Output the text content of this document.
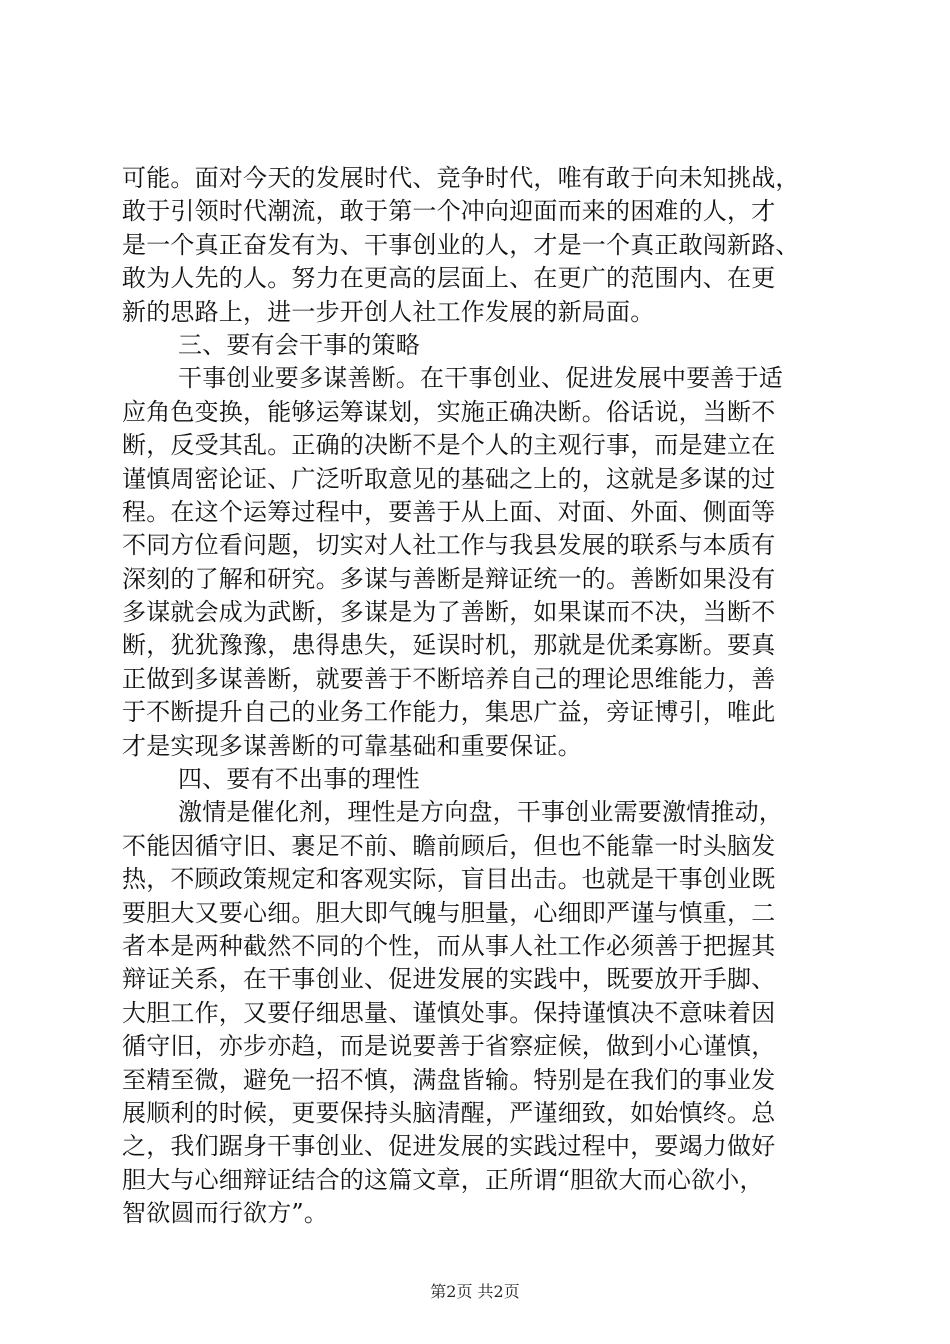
可能。面对今天的发展时代、竞争时代，唯有敢于向未知挑战，
敢于引领时代潮流，敢于第一个冲向迎面而来的困难的人，才
是一个真正奋发有为、干事创业的人，才是一个真正敢闯新路、
敢为人先的人。努力在更高的层面上、在更广的范围内、在更
新的思路上，进一步开创人社工作发展的新局面。
三、要有会干事的策略
干事创业要多谋善断。在干事创业、促进发展中要善于适
应角色变换，能够运筹谋划，实施正确决断。俗话说，当断不
断，反受其乱。正确的决断不是个人的主观行事，而是建立在
谨慎周密论证、广泛听取意见的基础之上的，这就是多谋的过
程。在这个运筹过程中，要善于从上面、对面、外面、侧面等
不同方位看问题，切实对人社工作与我县发展的联系与本质有
深刻的了解和研究。多谋与善断是辩证统一的。善断如果没有
多谋就会成为武断，多谋是为了善断，如果谋而不决，当断不
断，犹犹豫豫，患得患失，延误时机，那就是优柔寡断。要真
正做到多谋善断，就要善于不断培养自己的理论思维能力，善
于不断提升自己的业务工作能力，集思广益，旁证博引，唯此
才是实现多谋善断的可靠基础和重要保证。
四、要有不出事的理性
激情是催化剂，理性是方向盘，干事创业需要激情推动，
不能因循守旧、裹足不前、瞻前顾后，但也不能靠一时头脑发
热，不顾政策规定和客观实际，盲目出击。也就是干事创业既
要胆大又要心细。胆大即气魄与胆量，心细即严谨与慎重，二
者本是两种截然不同的个性，而从事人社工作必须善于把握其
辩证关系，在干事创业、促进发展的实践中，既要放开手脚、
大胆工作，又要仔细思量、谨慎处事。保持谨慎决不意味着因
循守旧，亦步亦趋，而是说要善于省察症候，做到小心谨慎，
至精至微，避免一招不慎，满盘皆输。特别是在我们的事业发
展顺利的时候，更要保持头脑清醒，严谨细致，如始慎终。总
之，我们踞身干事创业、促进发展的实践过程中，要竭力做好
胆大与心细辩证结合的这篇文章，正所谓“胆欲大而心欲小，
智欲圆而行欲方”。
第2页 共2页
